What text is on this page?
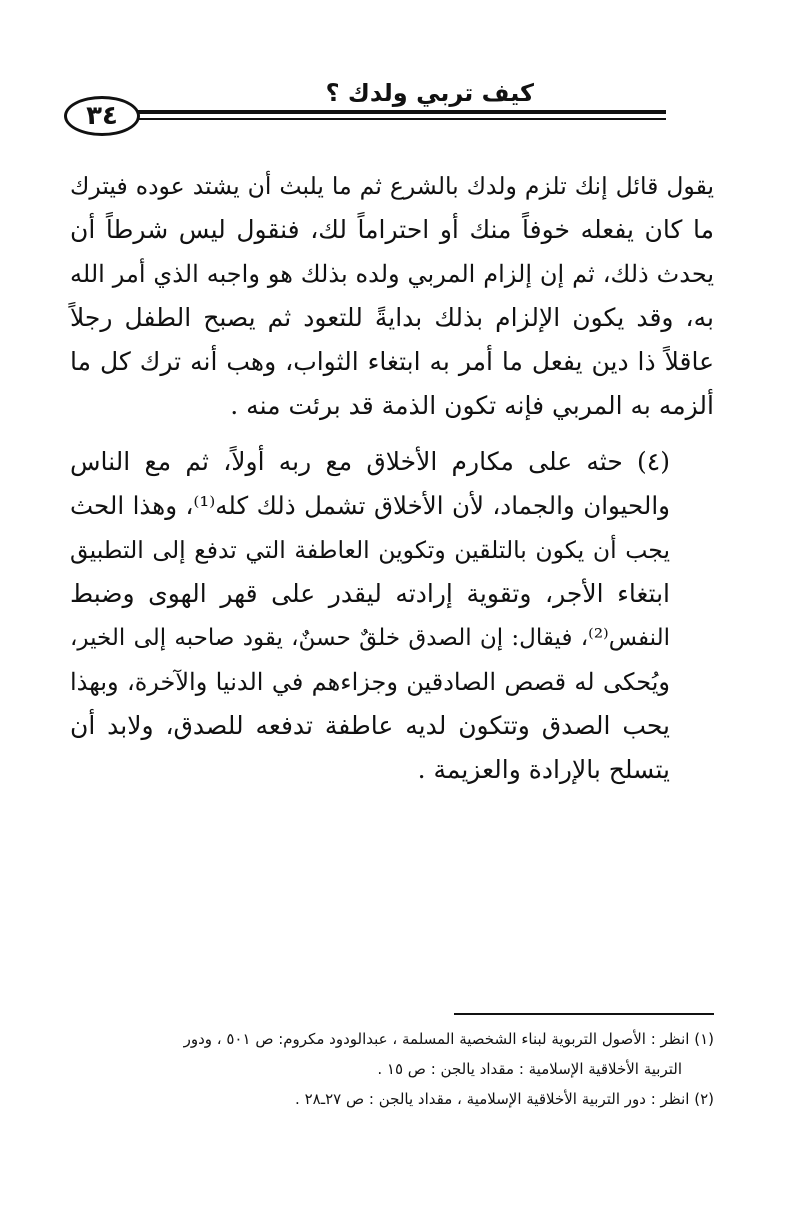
كيف تربي ولدك ؟
٣٤

يقول قائل إنك تلزم ولدك بالشرع ثم ما يلبث أن يشتد عوده فيترك
ما كان يفعله خوفاً منك أو احتراماً لك، فنقول ليس شرطاً أن
يحدث ذلك، ثم إن إلزام المربي ولده بذلك هو واجبه الذي أمر الله
به، وقد يكون الإلزام بذلك بدايةً للتعود ثم يصبح الطفل رجلاً
عاقلاً ذا دين يفعل ما أمر به ابتغاء الثواب، وهب أنه ترك كل ما
ألزمه به المربي فإنه تكون الذمة قد برئت منه .

(٤) حثه على مكارم الأخلاق مع ربه أولاً، ثم مع الناس
والحيوان والجماد، لأن الأخلاق تشمل ذلك كله⁽¹⁾، وهذا الحث
يجب أن يكون بالتلقين وتكوين العاطفة التي تدفع إلى التطبيق
ابتغاء الأجر، وتقوية إرادته ليقدر على قهر الهوى وضبط
النفس⁽²⁾، فيقال: إن الصدق خلقٌ حسنٌ، يقود صاحبه إلى الخير،
ويُحكى له قصص الصادقين وجزاءهم في الدنيا والآخرة، وبهذا
يحب الصدق وتتكون لديه عاطفة تدفعه للصدق، ولابد أن
يتسلح بالإرادة والعزيمة .

(١) انظر : الأصول التربوية لبناء الشخصية المسلمة ، عبدالودود مكروم: ص ٥٠١ ، ودور

التربية الأخلاقية الإسلامية : مقداد يالجن : ص ١٥ .

(٢) انظر : دور التربية الأخلاقية الإسلامية ، مقداد يالجن : ص ٢٧ـ٢٨ .
